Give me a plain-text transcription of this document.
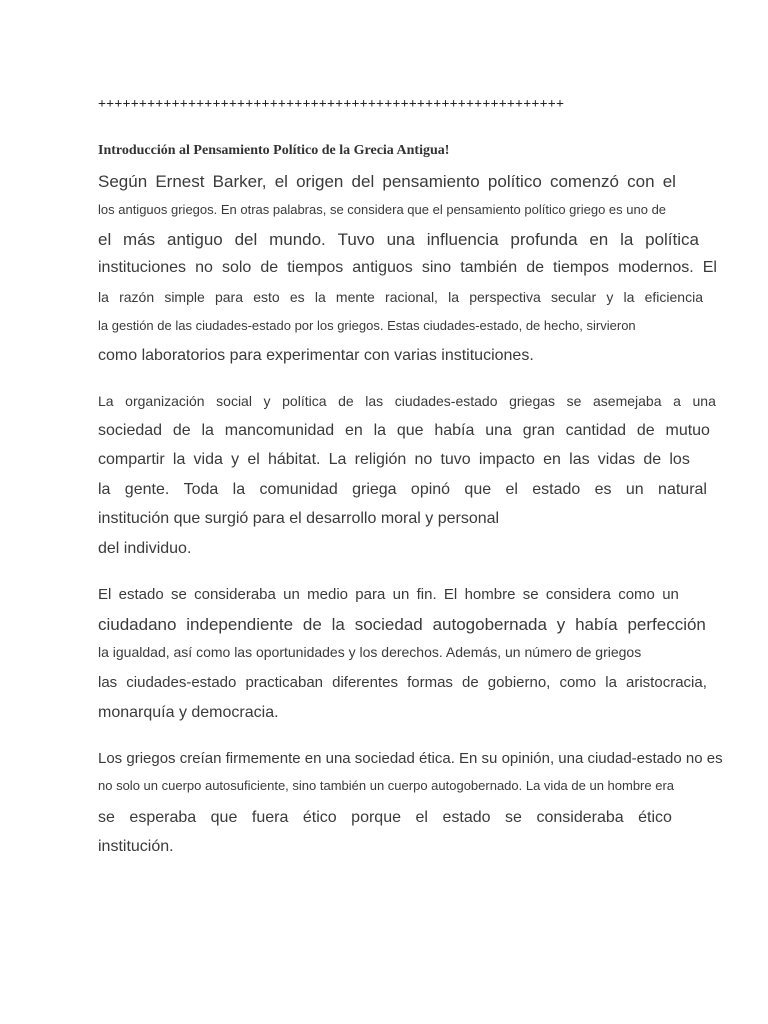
+++++++++++++++++++++++++++++++++++++++++++++++++++++++++
Introducción al Pensamiento Político de la Grecia Antigua!
Según Ernest Barker, el origen del pensamiento político comenzó con el
los antiguos griegos. En otras palabras, se considera que el pensamiento político griego es uno de
el más antiguo del mundo. Tuvo una influencia profunda en la política
instituciones no solo de tiempos antiguos sino también de tiempos modernos. El
la razón simple para esto es la mente racional, la perspectiva secular y la eficiencia
la gestión de las ciudades-estado por los griegos. Estas ciudades-estado, de hecho, sirvieron
como laboratorios para experimentar con varias instituciones.
La organización social y política de las ciudades-estado griegas se asemejaba a una
sociedad de la mancomunidad en la que había una gran cantidad de mutuo
compartir la vida y el hábitat. La religión no tuvo impacto en las vidas de los
la gente. Toda la comunidad griega opinó que el estado es un natural
institución que surgió para el desarrollo moral y personal
del individuo.
El estado se consideraba un medio para un fin. El hombre se considera como un
ciudadano independiente de la sociedad autogobernada y había perfección
la igualdad, así como las oportunidades y los derechos. Además, un número de griegos
las ciudades-estado practicaban diferentes formas de gobierno, como la aristocracia,
monarquía y democracia.
Los griegos creían firmemente en una sociedad ética. En su opinión, una ciudad-estado no es
no solo un cuerpo autosuficiente, sino también un cuerpo autogobernado. La vida de un hombre era
se esperaba que fuera ético porque el estado se consideraba ético
institución.
